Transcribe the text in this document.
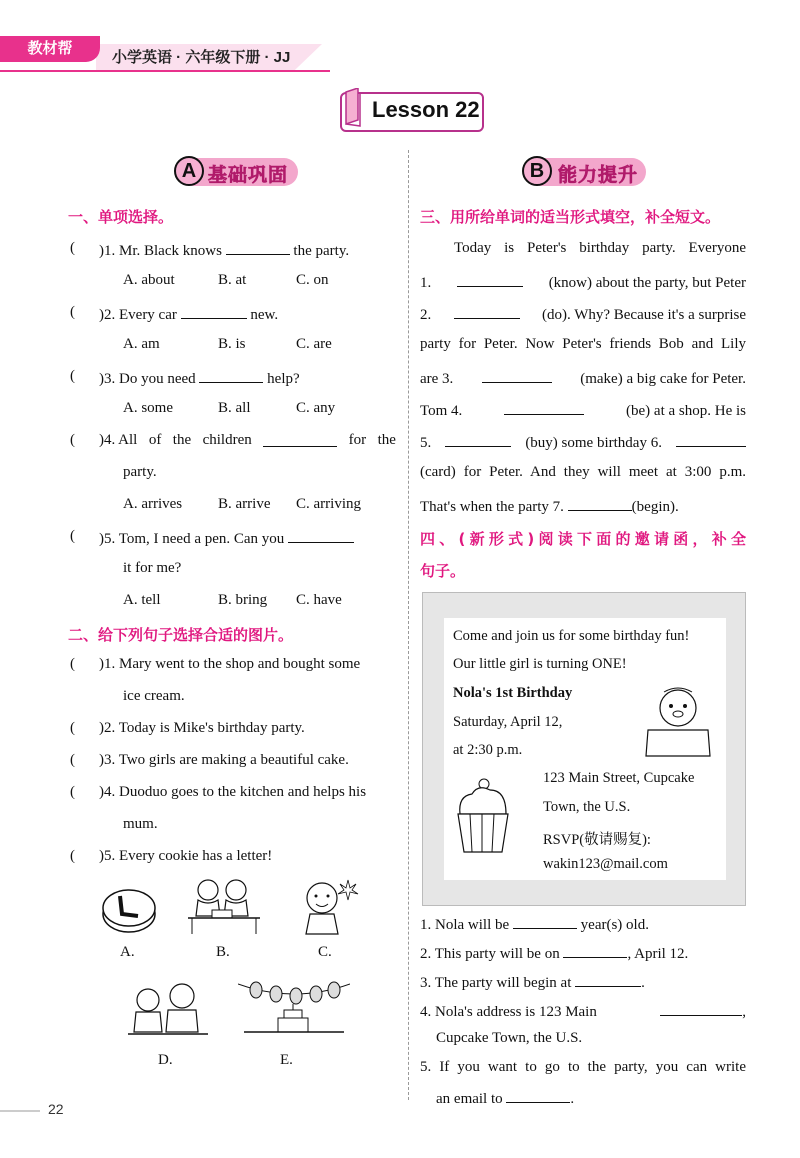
教材帮
小学英语 · 六年级下册 · JJ
Lesson 22
A 基础巩固	B 能力提升
一、单项选择。
( )1. Mr. Black knows	the party.
A. about	B. at	C. on
( )2. Every car	new.
A. am	B. is	C. are
( )3. Do you need	help?
A. some	B. all	C. any
( )4. All of the children	for the
party.
A. arrives B. arrive C. arriving
( )5. Tom, I need a pen. Can you
it for me?
A. tell	B. bring C. have
二、给下列句子选择合适的图片。
( )1. Mary went to the shop and bought some
ice cream.
( )2. Today is Mike's birthday party.
( )3. Two girls are making a beautiful cake.
( )4. Duoduo goes to the kitchen and helps his
mum.
( )5. Every cookie has a letter!
A.	B.	C.
D.	E.
三、用所给单词的适当形式填空，补全短文。
Today is Peter's birthday party. Everyone
1.	(know) about the party, but Peter
2.	(do). Why? Because it's a surprise
party for Peter. Now Peter's friends Bob and Lily
are 3.	(make) a big cake for Peter.
Tom 4.	(be) at a shop. He is
5.	(buy) some birthday 6.
(card) for Peter. And they will meet at 3:00 p.m.
That's when the party 7.	(begin).
四、(新形式)阅读下面的邀请函，补全
句子。
Come and join us for some birthday fun!
Our little girl is turning ONE!
Nola's 1st Birthday
Saturday, April 12,
at 2:30 p.m.
123 Main Street, Cupcake
Town, the U.S.
RSVP(敬请赐复):
wakin123@mail.com
1. Nola will be	year(s) old.
2. This party will be on	, April 12.
3. The party will begin at	.
4. Nola's address is 123 Main	,
Cupcake Town, the U.S.
5. If you want to go to the party, you can write
an email to	.
22
